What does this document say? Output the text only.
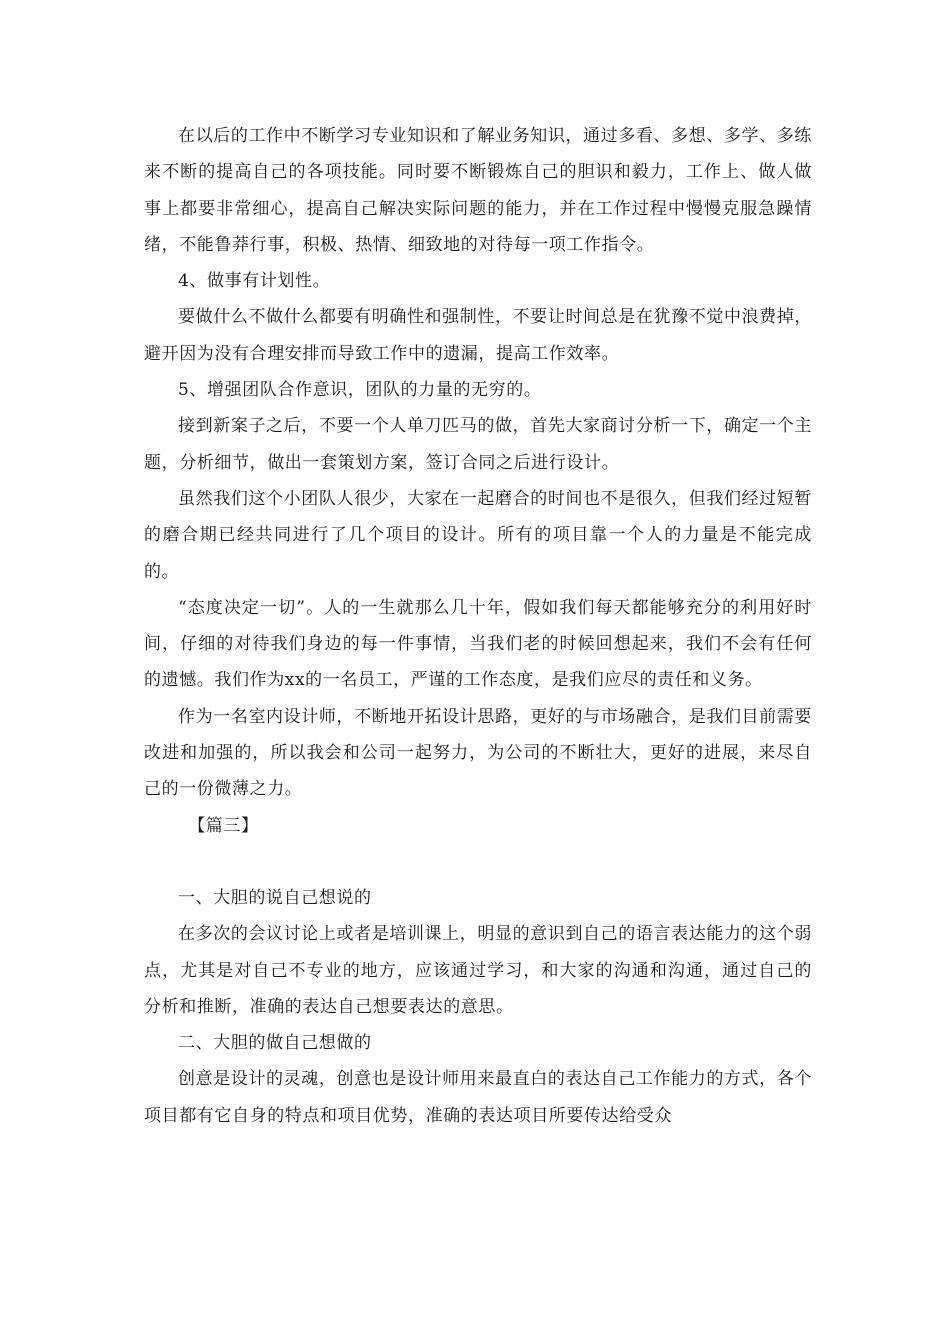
在以后的工作中不断学习专业知识和了解业务知识，通过多看、多想、多学、多练来不断的提高自己的各项技能。同时要不断锻炼自己的胆识和毅力，工作上、做人做事上都要非常细心，提高自己解决实际问题的能力，并在工作过程中慢慢克服急躁情绪，不能鲁莽行事，积极、热情、细致地的对待每一项工作指令。

4、做事有计划性。

要做什么不做什么都要有明确性和强制性，不要让时间总是在犹豫不觉中浪费掉，避开因为没有合理安排而导致工作中的遗漏，提高工作效率。

5、增强团队合作意识，团队的力量的无穷的。

接到新案子之后，不要一个人单刀匹马的做，首先大家商讨分析一下，确定一个主题，分析细节，做出一套策划方案，签订合同之后进行设计。

虽然我们这个小团队人很少，大家在一起磨合的时间也不是很久，但我们经过短暂的磨合期已经共同进行了几个项目的设计。所有的项目靠一个人的力量是不能完成的。

“态度决定一切”。人的一生就那么几十年，假如我们每天都能够充分的利用好时间，仔细的对待我们身边的每一件事情，当我们老的时候回想起来，我们不会有任何的遗憾。我们作为xx的一名员工，严谨的工作态度，是我们应尽的责任和义务。

作为一名室内设计师，不断地开拓设计思路，更好的与市场融合，是我们目前需要改进和加强的，所以我会和公司一起努力，为公司的不断壮大，更好的进展，来尽自己的一份微薄之力。

【篇三】

一、大胆的说自己想说的

在多次的会议讨论上或者是培训课上，明显的意识到自己的语言表达能力的这个弱点，尤其是对自己不专业的地方，应该通过学习，和大家的沟通和沟通，通过自己的分析和推断，准确的表达自己想要表达的意思。

二、大胆的做自己想做的

创意是设计的灵魂，创意也是设计师用来最直白的表达自己工作能力的方式，各个项目都有它自身的特点和项目优势，准确的表达项目所要传达给受众
